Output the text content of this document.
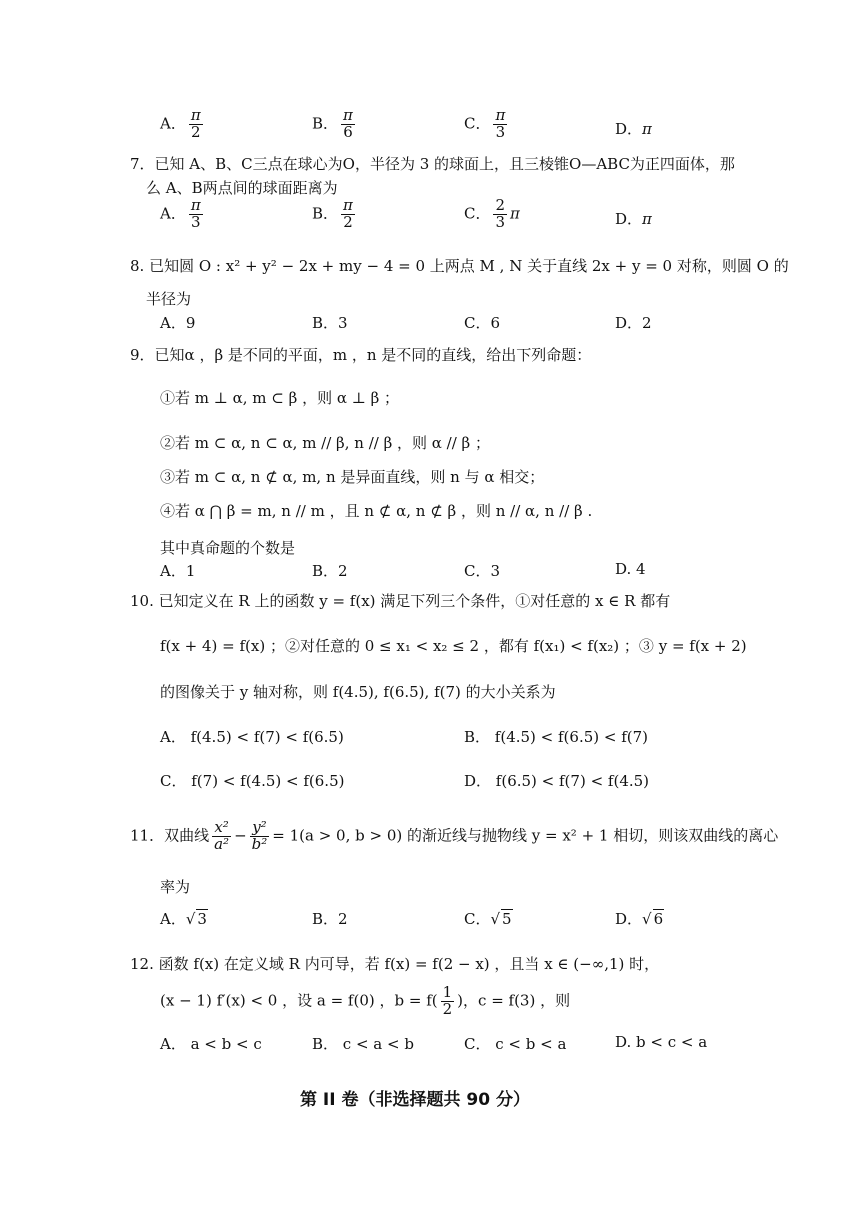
A． $\frac{\pi}{2}$	B． $\frac{\pi}{6}$	C． $\frac{\pi}{3}$	D．π
7．已知 A、B、C三点在球心为O，半径为 3 的球面上，且三棱锥O—ABC为正四面体，那
么 A、B两点间的球面距离为
A． $\frac{\pi}{3}$	B． $\frac{\pi}{2}$	C． $\frac{2}{3}$ π	D．π
8. 已知圆 O : x² + y² − 2x + my − 4 = 0 上两点 M , N 关于直线 2x + y = 0 对称，则圆 O 的
半径为
A．9	B．3	C．6	D．2
9．已知α ，β 是不同的平面，m ，n 是不同的直线，给出下列命题：
①若 m ⊥ α, m ⊂ β ，则 α ⊥ β ；
②若 m ⊂ α, n ⊂ α, m // β, n // β ，则 α // β ；
③若 m ⊂ α, n ⊄ α, m, n 是异面直线，则 n 与 α 相交；
④若 α ⋂ β = m, n // m ，且 n ⊄ α, n ⊄ β ，则 n // α, n // β .
其中真命题的个数是
A．1	B．2	C．3	D. 4
10. 已知定义在 R 上的函数 y = f(x) 满足下列三个条件，①对任意的 x ∈ R 都有
f(x + 4) = f(x) ；②对任意的 0 ≤ x₁ < x₂ ≤ 2 ，都有 f(x₁) < f(x₂) ；③ y = f(x + 2)
的图像关于 y 轴对称，则 f(4.5), f(6.5), f(7) 的大小关系为
A． f(4.5) < f(7) < f(6.5)	B． f(4.5) < f(6.5) < f(7)
C． f(7) < f(4.5) < f(6.5)	D． f(6.5) < f(7) < f(4.5)
11．双曲线 $\frac{\text{x²}}{\text{a²}} - \frac{\text{y²}}{\text{b²}} = 1(a > 0$, b > 0) 的渐近线与抛物线 y = x² + 1 相切，则该双曲线的离心
率为
A．√ 3	B．2	C．√ 5	D．√ 6
12. 函数 f(x) 在定义域 R 内可导，若 f(x) = f(2 − x) ，且当 x ∈ (−∞,1) 时，
(x − 1) f′(x) < 0 ，设 a = f(0) ，$b = f( \frac{1}{2}$ )，c = f(3) ，则
A． a < b < c	B． c < a < b	C． c < b < a	D. b < c < a
第 II 卷（非选择题共 90 分）
